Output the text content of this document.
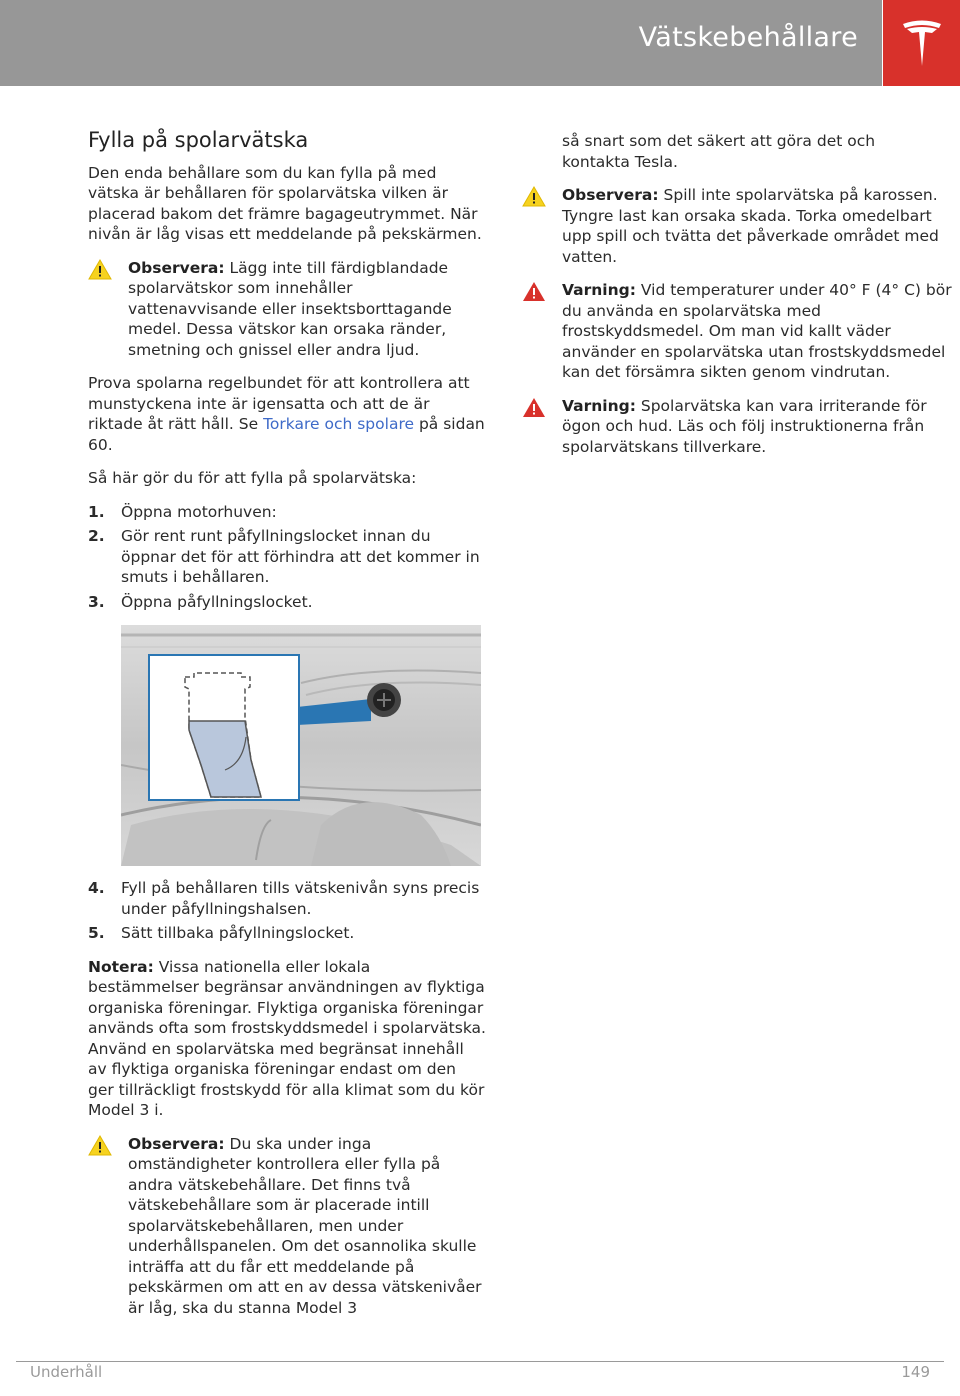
Vätskebehållare
Fylla på spolarvätska

Den enda behållare som du kan fylla på med vätska är behållaren för spolarvätska vilken är placerad bakom det främre bagageutrymmet. När nivån är låg visas ett meddelande på pekskärmen.

Observera: Lägg inte till färdigblandade spolarvätskor som innehåller vattenavvisande eller insektsborttagande medel. Dessa vätskor kan orsaka ränder, smetning och gnissel eller andra ljud.

Prova spolarna regelbundet för att kontrollera att munstyckena inte är igensatta och att de är riktade åt rätt håll. Se Torkare och spolare på sidan 60.

Så här gör du för att fylla på spolarvätska:

1. Öppna motorhuven:
2. Gör rent runt påfyllningslocket innan du öppnar det för att förhindra att det kommer in smuts i behållaren.
3. Öppna påfyllningslocket.
4. Fyll på behållaren tills vätskenivån syns precis under påfyllningshalsen.
5. Sätt tillbaka påfyllningslocket.

Notera: Vissa nationella eller lokala bestämmelser begränsar användningen av flyktiga organiska föreningar. Flyktiga organiska föreningar används ofta som frostskyddsmedel i spolarvätska. Använd en spolarvätska med begränsat innehåll av flyktiga organiska föreningar endast om den ger tillräckligt frostskydd för alla klimat som du kör Model 3 i.

Observera: Du ska under inga omständigheter kontrollera eller fylla på andra vätskebehållare. Det finns två vätskebehållare som är placerade intill spolarvätskebehållaren, men under underhållspanelen. Om det osannolika skulle inträffa att du får ett meddelande på pekskärmen om att en av dessa vätskenivåer är låg, ska du stanna Model 3

så snart som det säkert att göra det och kontakta Tesla.

Observera: Spill inte spolarvätska på karossen. Tyngre last kan orsaka skada. Torka omedelbart upp spill och tvätta det påverkade området med vatten.
Varning: Vid temperaturer under 40° F (4° C) bör du använda en spolarvätska med frostskyddsmedel. Om man vid kallt väder använder en spolarvätska utan frostskyddsmedel kan det försämra sikten genom vindrutan.
Varning: Spolarvätska kan vara irriterande för ögon och hud. Läs och följ instruktionerna från spolarvätskans tillverkare.
Underhåll	149
